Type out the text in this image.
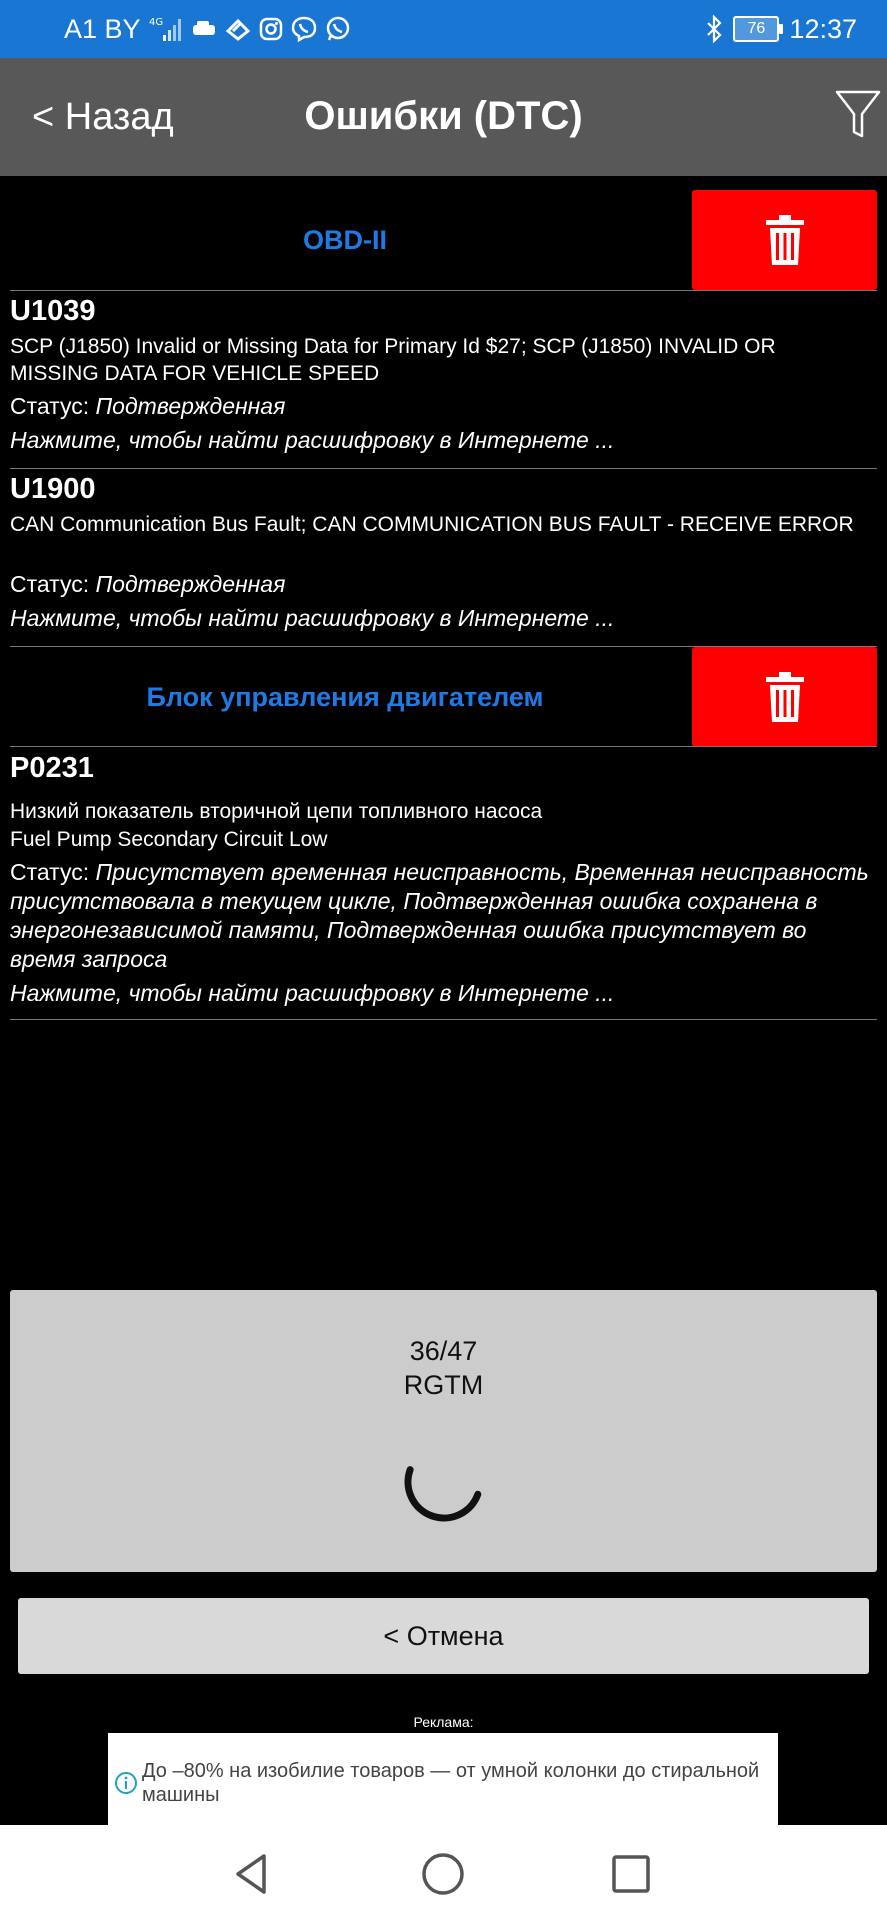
A1 BY 4G	76 12:37
< Назад	Ошибки (DTC)
OBD-II
U1039
SCP (J1850) Invalid or Missing Data for Primary Id $27; SCP (J1850) INVALID OR MISSING DATA FOR VEHICLE SPEED
Статус: Подтвержденная
Нажмите, чтобы найти расшифровку в Интернете ...
U1900
CAN Communication Bus Fault; CAN COMMUNICATION BUS FAULT - RECEIVE ERROR
Статус: Подтвержденная
Нажмите, чтобы найти расшифровку в Интернете ...
Блок управления двигателем
P0231
Низкий показатель вторичной цепи топливного насоса
Fuel Pump Secondary Circuit Low
Статус: Присутствует временная неисправность, Временная неисправность присутствовала в текущем цикле, Подтвержденная ошибка сохранена в энергонезависимой памяти, Подтвержденная ошибка присутствует во время запроса
Нажмите, чтобы найти расшифровку в Интернете ...
36/47
RGTM
< Отмена
Реклама:
До –80% на изобилие товаров — от умной колонки до стиральной машины
